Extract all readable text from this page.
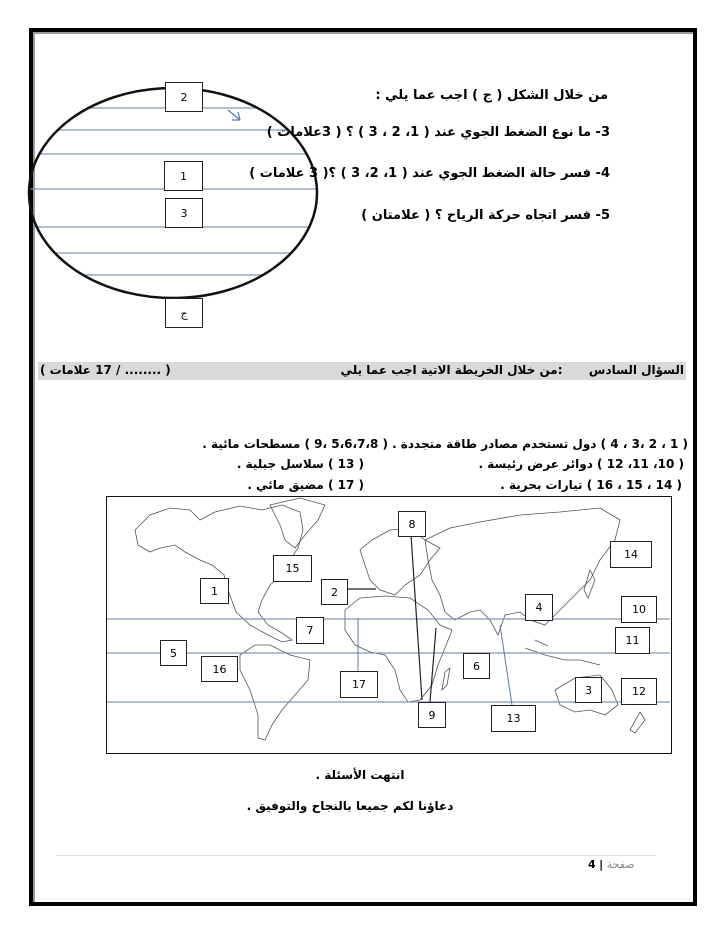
2
1
3
ج
من خلال الشكل ( ج ) اجب عما يلي :
3- ما نوع الضغط الجوي عند ( 1، 2 ، 3 ) ؟ ( 3علامات )
4- فسر حالة الضغط الجوي عند ( 1، 2، 3 ) ؟( 3 علامات )
5- فسر اتجاه حركة الرياح ؟ ( علامتان )
السؤال السادس  :من خلال الخريطة الاتية اجب عما يلي
( ........ / 17 علامات )
( 1 ، 2 ،3 ، 4 ) دول تستخدم مصادر طاقة متجددة .
( 10، 11، 12 ) دوائر عرض رئيسة .
( 14 ، 15 ، 16 ) تيارات بحرية .
( 5،6،7،8 ،9 ) مسطحات مائية .
( 13 ) سلاسل جبلية .
( 17 ) مضيق مائي .
1	2
3
4
5
6
7
8
9
10
11
12
13
14
15
16
17
انتهت الأسئلة .
دعاؤنا لكم جميعا بالنجاح والتوفيق .
صفحة | 4
